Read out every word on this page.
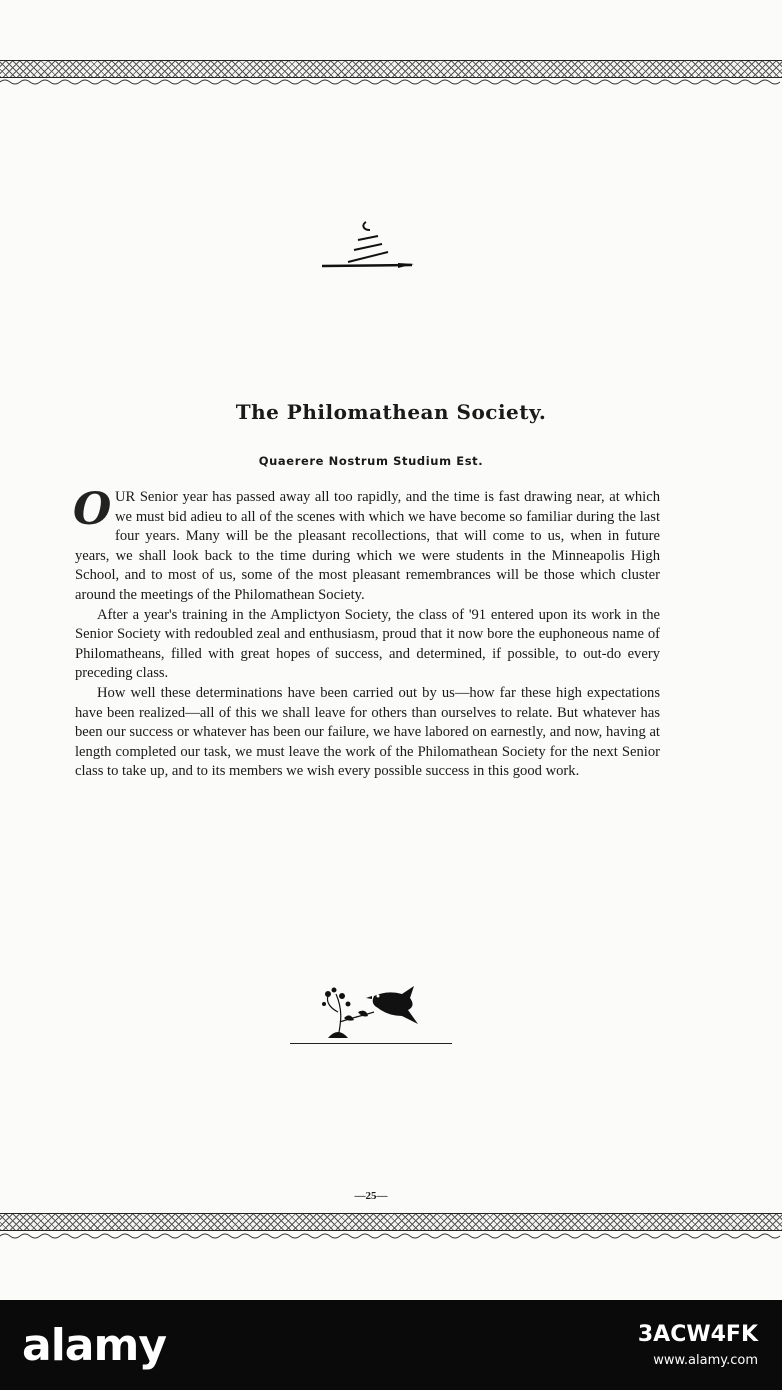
The Philomathean Society.
Quaerere Nostrum Studium Est.

OUR Senior year has passed away all too rapidly, and the time is fast drawing near, at which we must bid adieu to all of the scenes with which we have become so familiar during the last four years. Many will be the pleasant recollections, that will come to us, when in future years, we shall look back to the time during which we were students in the Minneapolis High School, and to most of us, some of the most pleasant remembrances will be those which cluster around the meetings of the Philomathean Society.

After a year's training in the Amplictyon Society, the class of '91 entered upon its work in the Senior Society with redoubled zeal and enthusiasm, proud that it now bore the euphoneous name of Philomatheans, filled with great hopes of success, and determined, if possible, to out-do every preceding class.

How well these determinations have been carried out by us—how far these high expectations have been realized—all of this we shall leave for others than ourselves to relate. But whatever has been our success or whatever has been our failure, we have labored on earnestly, and now, having at length completed our task, we must leave the work of the Philomathean Society for the next Senior class to take up, and to its members we wish every possible success in this good work.

—25—
alamy	3ACW4FK
www.alamy.com
